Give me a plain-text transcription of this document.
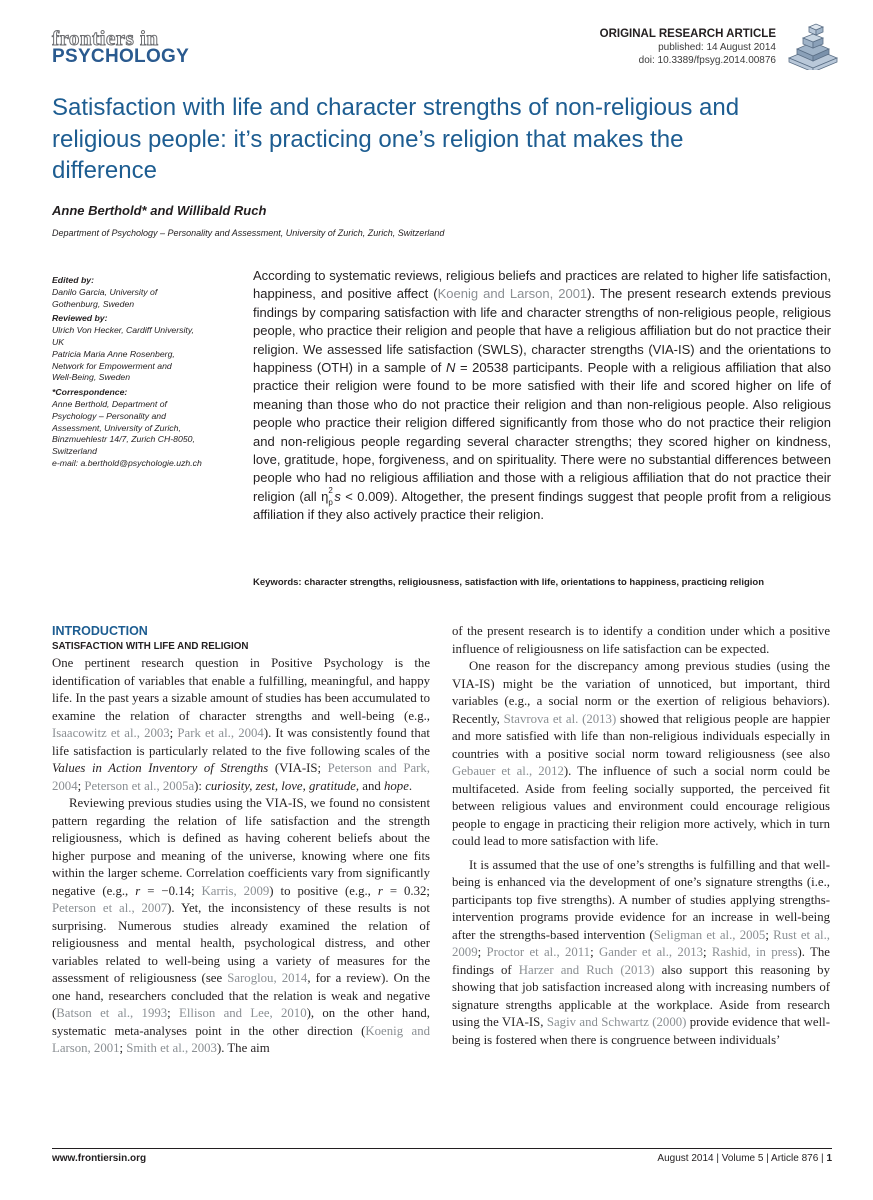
frontiers in
PSYCHOLOGY
ORIGINAL RESEARCH ARTICLE
published: 14 August 2014
doi: 10.3389/fpsyg.2014.00876
Satisfaction with life and character strengths of non-religious and religious people: it’s practicing one’s religion that makes the difference
Anne Berthold* and Willibald Ruch
Department of Psychology – Personality and Assessment, University of Zurich, Zurich, Switzerland
Edited by:
Danilo Garcia, University of
Gothenburg, Sweden
Reviewed by:
Ulrich Von Hecker, Cardiff University,
UK
Patricia Maria Anne Rosenberg,
Network for Empowerment and
Well-Being, Sweden
*Correspondence:
Anne Berthold, Department of
Psychology – Personality and
Assessment, University of Zurich,
Binzmuehlestr 14/7, Zurich CH-8050,
Switzerland
e-mail: a.berthold@psychologie.uzh.ch
According to systematic reviews, religious beliefs and practices are related to higher life satisfaction, happiness, and positive affect (Koenig and Larson, 2001). The present research extends previous findings by comparing satisfaction with life and character strengths of non-religious people, religious people, who practice their religion and people that have a religious affiliation but do not practice their religion. We assessed life satisfaction (SWLS), character strengths (VIA-IS) and the orientations to happiness (OTH) in a sample of N = 20538 participants. People with a religious affiliation that also practice their religion were found to be more satisfied with their life and scored higher on life of meaning than those who do not practice their religion and than non-religious people. Also religious people who practice their religion differed significantly from those who do not practice their religion and non-religious people regarding several character strengths; they scored higher on kindness, love, gratitude, hope, forgiveness, and on spirituality. There were no substantial differences between people who had no religious affiliation and those with a religious affiliation that do not practice their religion (all η 2
p s < 0.009). Altogether, the present findings suggest that people profit from a religious affiliation if they also actively practice their religion.
Keywords: character strengths, religiousness, satisfaction with life, orientations to happiness, practicing religion
INTRODUCTION
SATISFACTION WITH LIFE AND RELIGION

One pertinent research question in Positive Psychology is the identification of variables that enable a fulfilling, meaningful, and happy life. In the past years a sizable amount of studies has been accumulated to examine the relation of character strengths and well-being (e.g., Isaacowitz et al., 2003; Park et al., 2004). It was consistently found that life satisfaction is particularly related to the five following scales of the Values in Action Inventory of Strengths (VIA-IS; Peterson and Park, 2004; Peterson et al., 2005a): curiosity, zest, love, gratitude, and hope.

Reviewing previous studies using the VIA-IS, we found no consistent pattern regarding the relation of life satisfaction and the strength religiousness, which is defined as having coherent beliefs about the higher purpose and meaning of the universe, knowing where one fits within the larger scheme. Correlation coefficients vary from significantly negative (e.g., r = −0.14; Karris, 2009) to positive (e.g., r = 0.32; Peterson et al., 2007). Yet, the inconsistency of these results is not surprising. Numerous studies already examined the relation of religiousness and mental health, psychological distress, and other variables related to well-being using a variety of measures for the assessment of religiousness (see Saroglou, 2014, for a review). On the one hand, researchers concluded that the relation is weak and negative (Batson et al., 1993; Ellison and Lee, 2010), on the other hand, systematic meta-analyses point in the other direction (Koenig and Larson, 2001; Smith et al., 2003). The aim

of the present research is to identify a condition under which a positive influence of religiousness on life satisfaction can be expected.

One reason for the discrepancy among previous studies (using the VIA-IS) might be the variation of unnoticed, but important, third variables (e.g., a social norm or the exertion of religious behaviors). Recently, Stavrova et al. (2013) showed that religious people are happier and more satisfied with life than non-religious individuals especially in countries with a positive social norm toward religiousness (see also Gebauer et al., 2012). The influence of such a social norm could be multifaceted. Aside from feeling socially supported, the perceived fit between religious values and environment could encourage religious people to engage in practicing their religion more actively, which in turn could lead to more satisfaction with life.

It is assumed that the use of one’s strengths is fulfilling and that well-being is enhanced via the development of one’s signature strengths (i.e., participants top five strengths). A number of studies applying strengths-intervention programs provide evidence for an increase in well-being after the strengths-based intervention (Seligman et al., 2005; Rust et al., 2009; Proctor et al., 2011; Gander et al., 2013; Rashid, in press). The findings of Harzer and Ruch (2013) also support this reasoning by showing that job satisfaction increased along with increasing numbers of signature strengths applicable at the workplace. Aside from research using the VIA-IS, Sagiv and Schwartz (2000) provide evidence that well-being is fostered when there is congruence between individuals’

www.frontiersin.org	August 2014 | Volume 5 | Article 876 | 1
